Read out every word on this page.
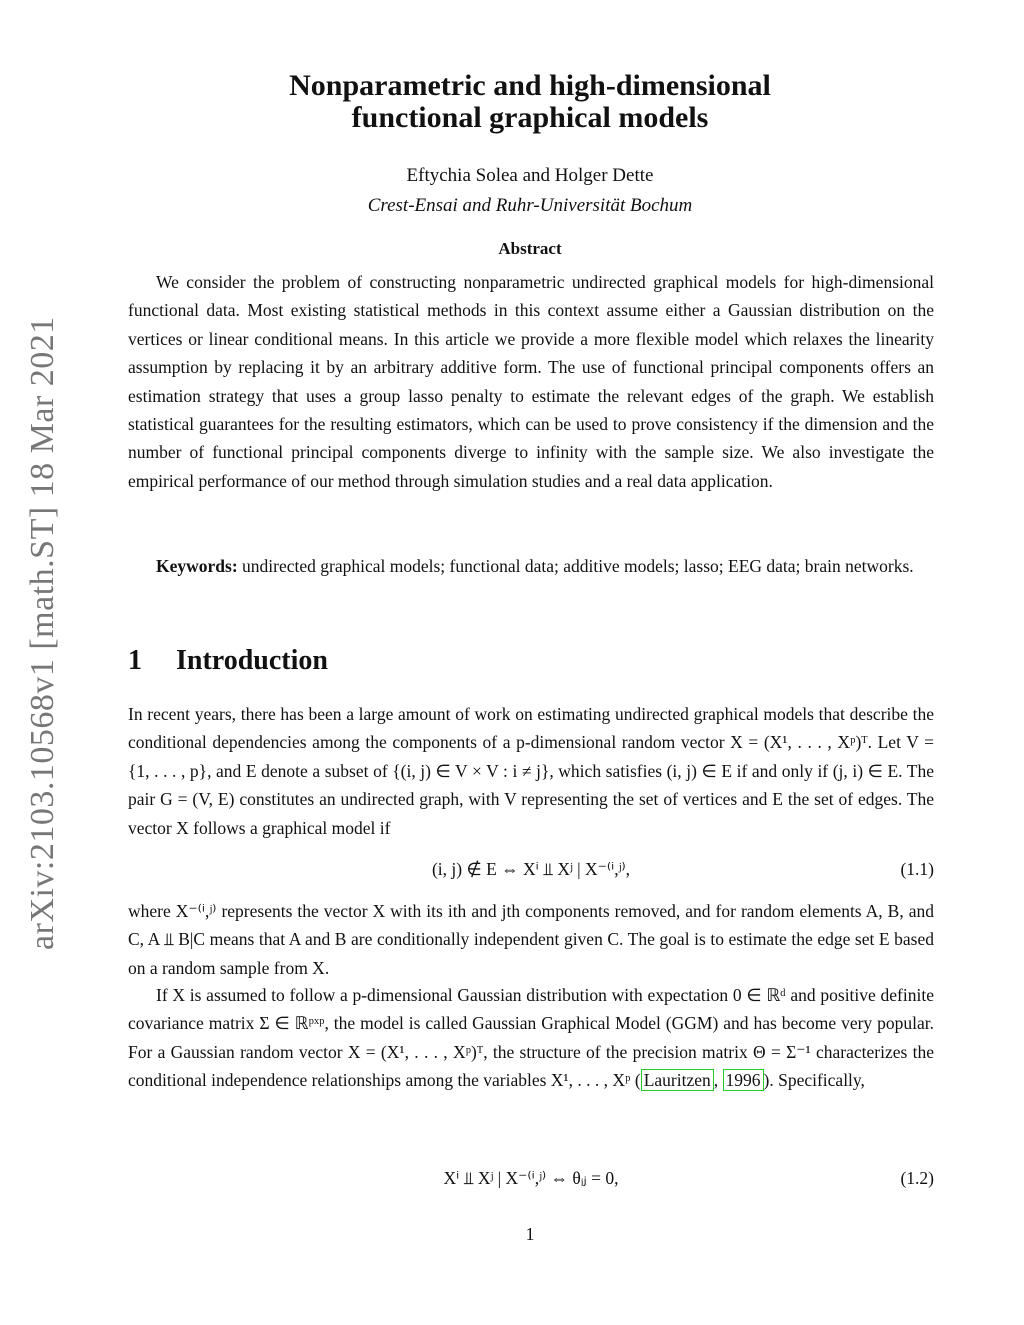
arXiv:2103.10568v1 [math.ST] 18 Mar 2021
Nonparametric and high-dimensional
functional graphical models
Eftychia Solea and Holger Dette
Crest-Ensai and Ruhr-Universität Bochum
Abstract

We consider the problem of constructing nonparametric undirected graphical models for high-dimensional functional data. Most existing statistical methods in this context assume either a Gaussian distribution on the vertices or linear conditional means. In this article we provide a more flexible model which relaxes the linearity assumption by replacing it by an arbitrary additive form. The use of functional principal components offers an estimation strategy that uses a group lasso penalty to estimate the relevant edges of the graph. We establish statistical guarantees for the resulting estimators, which can be used to prove consistency if the dimension and the number of functional principal components diverge to infinity with the sample size. We also investigate the empirical performance of our method through simulation studies and a real data application.

Keywords: undirected graphical models; functional data; additive models; lasso; EEG data; brain networks.

1 Introduction

In recent years, there has been a large amount of work on estimating undirected graphical models that describe the conditional dependencies among the components of a p-dimensional random vector X = (X¹, . . . , Xᵖ)ᵀ. Let V = {1, . . . , p}, and E denote a subset of {(i, j) ∈ V × V : i ≠ j}, which satisfies (i, j) ∈ E if and only if (j, i) ∈ E. The pair G = (V, E) constitutes an undirected graph, with V representing the set of vertices and E the set of edges. The vector X follows a graphical model if

(i, j) ∉ E ⇔ Xⁱ ⫫ Xʲ | X⁻⁽ⁱ,ʲ⁾,	(1.1)

where X⁻⁽ⁱ,ʲ⁾ represents the vector X with its ith and jth components removed, and for random elements A, B, and C, A ⫫ B|C means that A and B are conditionally independent given C. The goal is to estimate the edge set E based on a random sample from X.

If X is assumed to follow a p-dimensional Gaussian distribution with expectation 0 ∈ ℝᵈ and positive definite covariance matrix Σ ∈ ℝᵖˣᵖ, the model is called Gaussian Graphical Model (GGM) and has become very popular. For a Gaussian random vector X = (X¹, . . . , Xᵖ)ᵀ, the structure of the precision matrix Θ = Σ⁻¹ characterizes the conditional independence relationships among the variables X¹, . . . , Xᵖ ( Lauritzen , 1996 ). Specifically,

Xⁱ ⫫ Xʲ | X⁻⁽ⁱ,ʲ⁾ ⇔ θᵢⱼ = 0,	(1.2)
1
